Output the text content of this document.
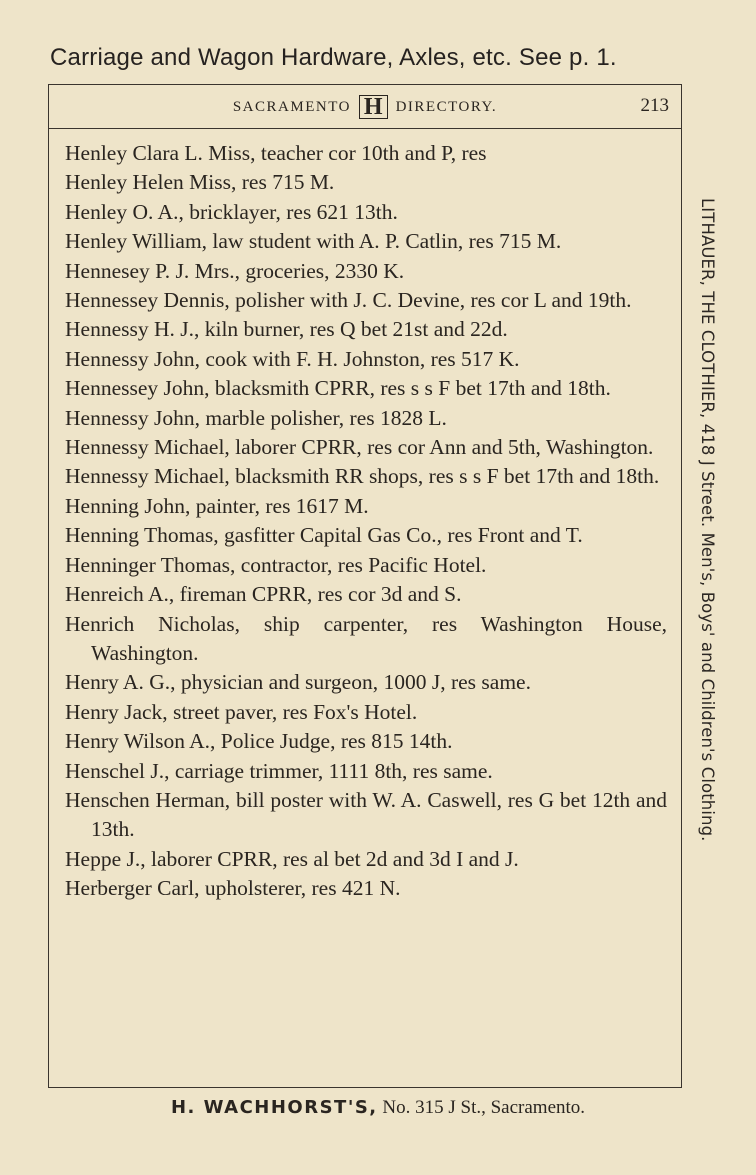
Carriage and Wagon Hardware, Axles, etc. See p. 1.
SACRAMENTO H DIRECTORY.	213
Henley Clara L. Miss, teacher cor 10th and P, res
Henley Helen Miss, res 715 M.
Henley O. A., bricklayer, res 621 13th.
Henley William, law student with A. P. Catlin, res 715 M.
Hennesey P. J. Mrs., groceries, 2330 K.
Hennessey Dennis, polisher with J. C. Devine, res cor L and 19th.
Hennessy H. J., kiln burner, res Q bet 21st and 22d.
Hennessy John, cook with F. H. Johnston, res 517 K.
Hennessey John, blacksmith CPRR, res s s F bet 17th and 18th.
Hennessy John, marble polisher, res 1828 L.
Hennessy Michael, laborer CPRR, res cor Ann and 5th, Washington.
Hennessy Michael, blacksmith RR shops, res s s F bet 17th and 18th.
Henning John, painter, res 1617 M.
Henning Thomas, gasfitter Capital Gas Co., res Front and T.
Henninger Thomas, contractor, res Pacific Hotel.
Henreich A., fireman CPRR, res cor 3d and S.
Henrich Nicholas, ship carpenter, res Washington House, Washington.
Henry A. G., physician and surgeon, 1000 J, res same.
Henry Jack, street paver, res Fox's Hotel.
Henry Wilson A., Police Judge, res 815 14th.
Henschel J., carriage trimmer, 1111 8th, res same.
Henschen Herman, bill poster with W. A. Caswell, res G bet 12th and 13th.
Heppe J., laborer CPRR, res al bet 2d and 3d I and J.
Herberger Carl, upholsterer, res 421 N.
LITHAUER, THE CLOTHIER, 418 J Street. Men's, Boys' and Children's Clothing.
H. WACHHORST'S, No. 315 J St., Sacramento.
